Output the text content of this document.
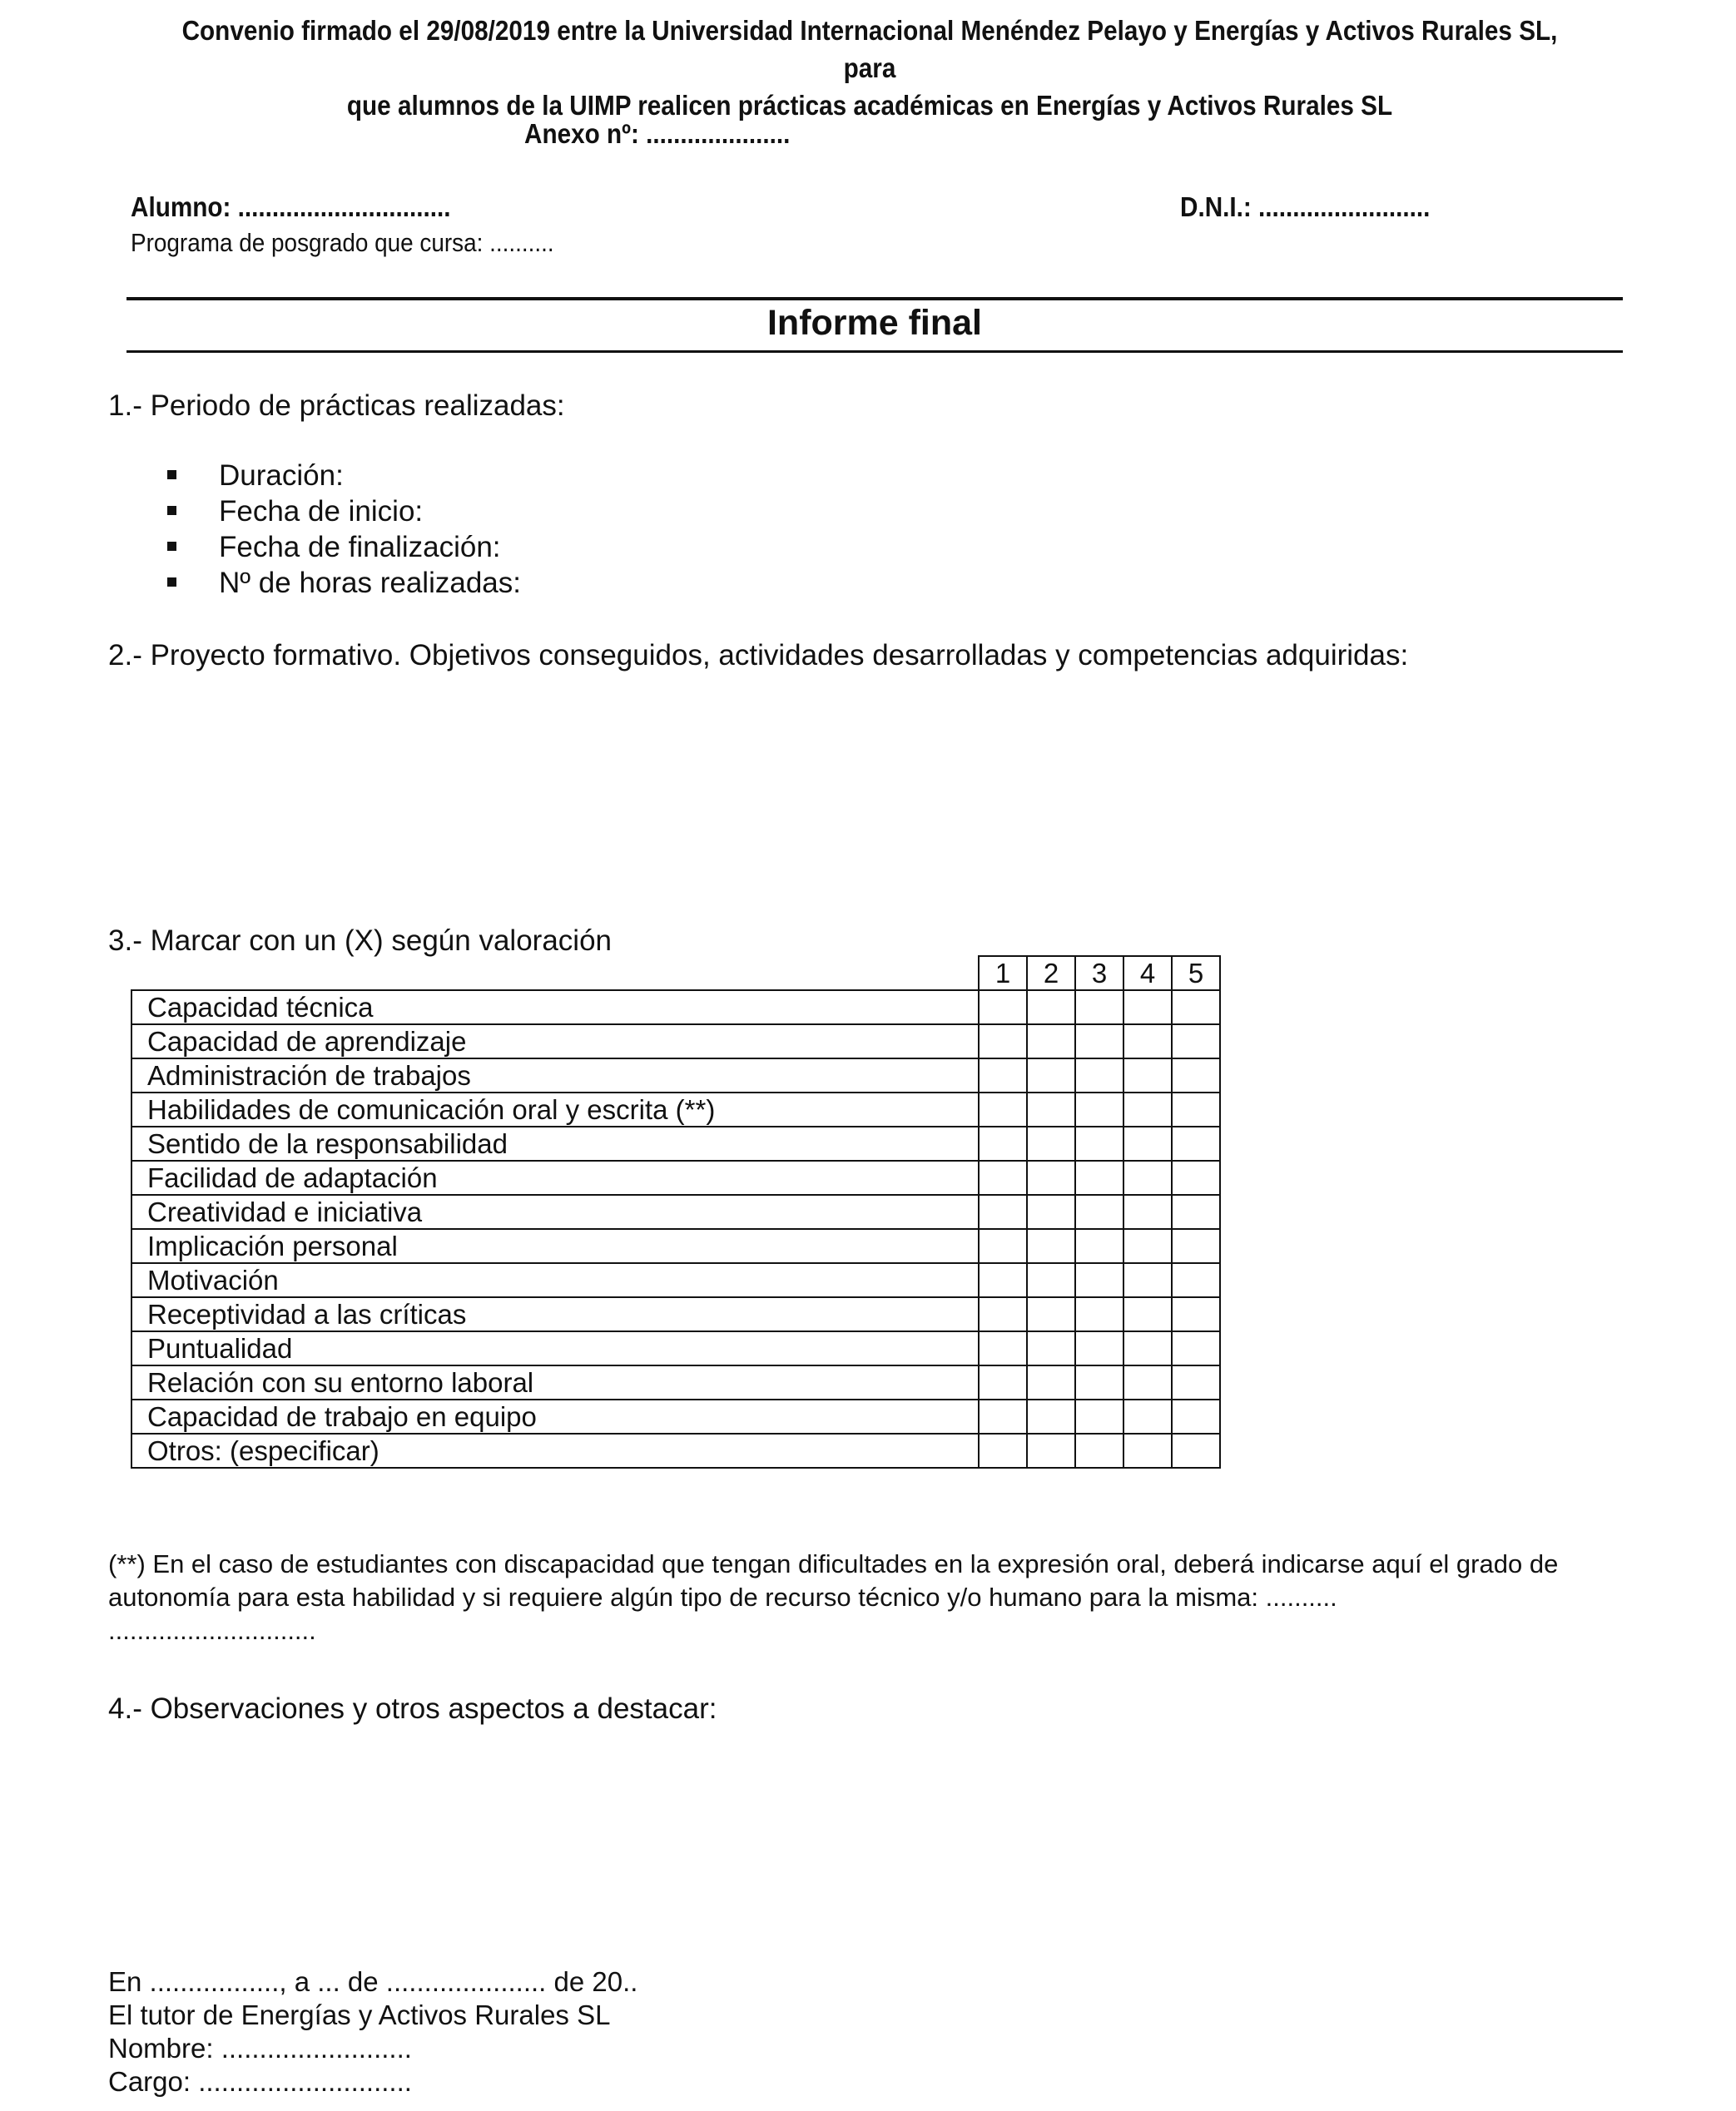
Convenio firmado el 29/08/2019 entre la Universidad Internacional Menéndez Pelayo y Energías y Activos Rurales SL, para
que alumnos de la UIMP realicen prácticas académicas en Energías y Activos Rurales SL
Anexo nº: .....................
Alumno: ...............................	D.N.I.: .........................
Programa de posgrado que cursa: ..........
Informe final
1.- Periodo de prácticas realizadas:
Duración:
Fecha de inicio:
Fecha de finalización:
Nº de horas realizadas:
2.- Proyecto formativo. Objetivos conseguidos, actividades desarrolladas y competencias adquiridas:
3.- Marcar con un (X) según valoración
	1	2	3	4	5
Capacidad técnica					
Capacidad de aprendizaje					
Administración de trabajos					
Habilidades de comunicación oral y escrita (**)					
Sentido de la responsabilidad					
Facilidad de adaptación					
Creatividad e iniciativa					
Implicación personal					
Motivación					
Receptividad a las críticas					
Puntualidad					
Relación con su entorno laboral					
Capacidad de trabajo en equipo					
Otros: (especificar)					
(**) En el caso de estudiantes con discapacidad que tengan dificultades en la expresión oral, deberá indicarse aquí el grado de
autonomía para esta habilidad y si requiere algún tipo de recurso técnico y/o humano para la misma: ..........
.............................
4.- Observaciones y otros aspectos a destacar:
En ................., a ... de ..................... de 20..
El tutor de Energías y Activos Rurales SL
Nombre: .........................
Cargo: ............................
